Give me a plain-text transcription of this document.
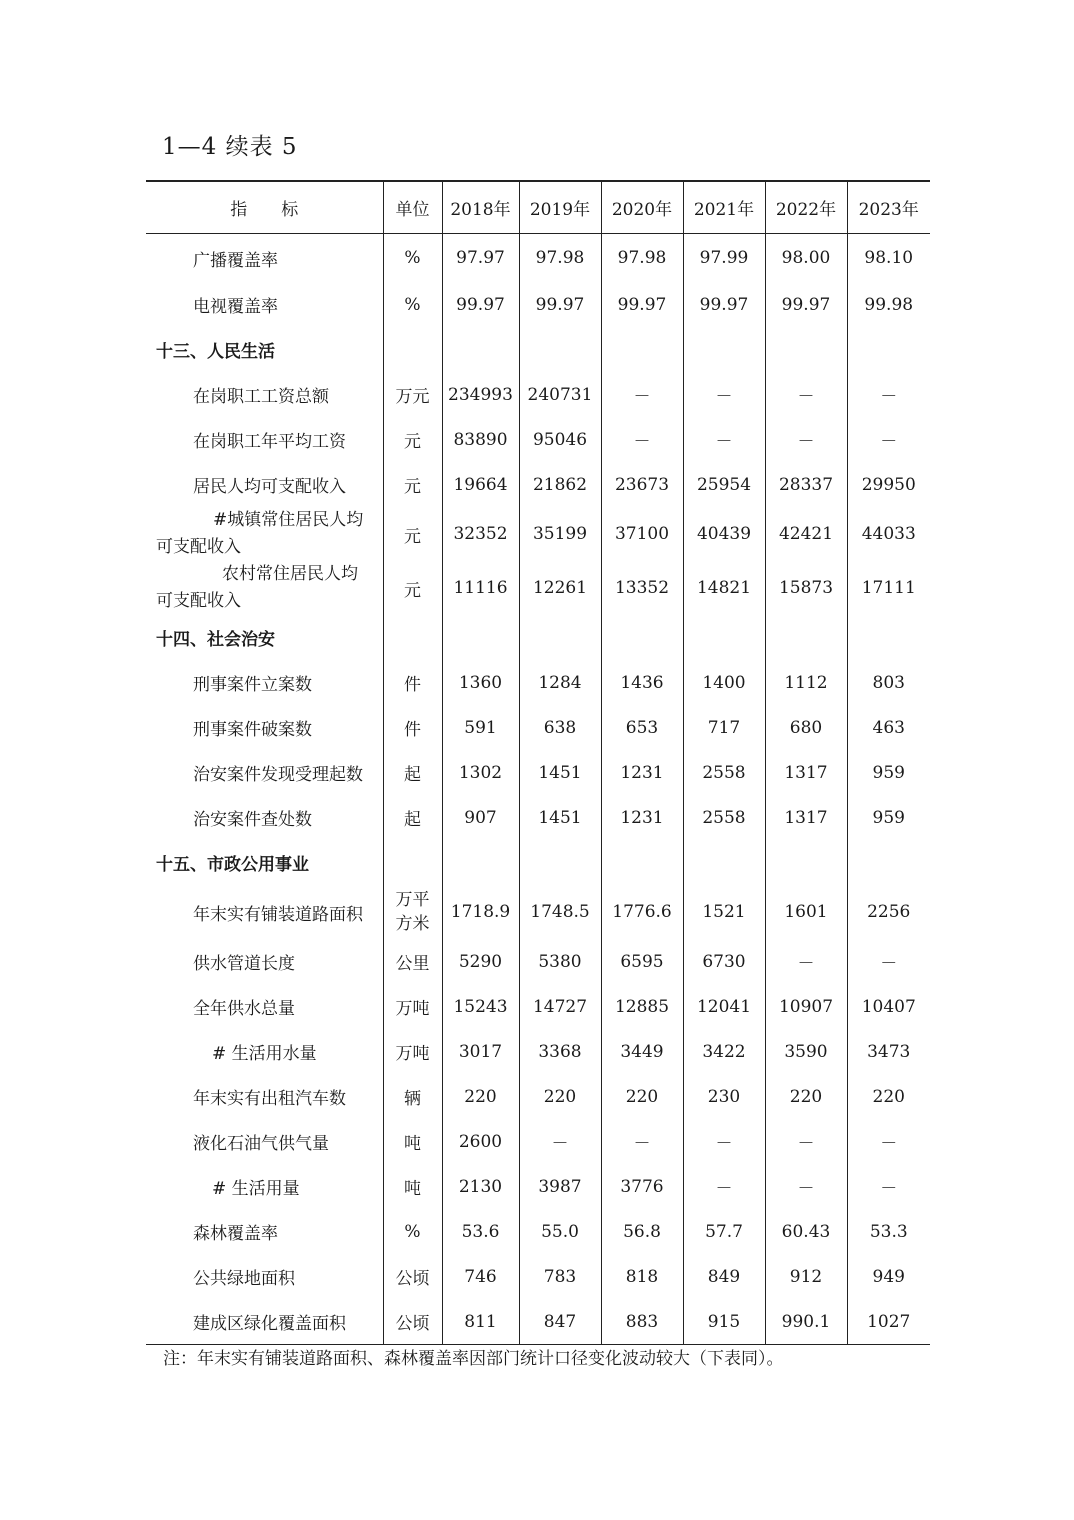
1—4 续表 5
指　　标	单位	2018年	2019年	2020年	2021年	2022年	2023年
广播覆盖率	%	97.97	97.98	97.98	97.99	98.00	98.10
电视覆盖率	%	99.97	99.97	99.97	99.97	99.97	99.98
十三、人民生活							
在岗职工工资总额	万元	234993	240731	－	－	－	－
在岗职工年平均工资	元	83890	95046	－	－	－	－
居民人均可支配收入	元	19664	21862	23673	25954	28337	29950

#城镇常住居民人均
可支配收入	元	32352	35199	37100	40439	42421	44033

农村常住居民人均
可支配收入	元	11116	12261	13352	14821	15873	17111
十四、社会治安							
刑事案件立案数	件	1360	1284	1436	1400	1112	803
刑事案件破案数	件	591	638	653	717	680	463
治安案件发现受理起数	起	1302	1451	1231	2558	1317	959
治安案件查处数	起	907	1451	1231	2558	1317	959
十五、市政公用事业							
年末实有铺装道路面积	万平
方米	1718.9	1748.5	1776.6	1521	1601	2256
供水管道长度	公里	5290	5380	6595	6730	－	－
全年供水总量	万吨	15243	14727	12885	12041	10907	10407
# 生活用水量	万吨	3017	3368	3449	3422	3590	3473
年末实有出租汽车数	辆	220	220	220	230	220	220
液化石油气供气量	吨	2600	－	－	－	－	－
# 生活用量	吨	2130	3987	3776	－	－	－
森林覆盖率	%	53.6	55.0	56.8	57.7	60.43	53.3
公共绿地面积	公顷	746	783	818	849	912	949
建成区绿化覆盖面积	公顷	811	847	883	915	990.1	1027
注：年末实有铺装道路面积、森林覆盖率因部门统计口径变化波动较大（下表同）。
